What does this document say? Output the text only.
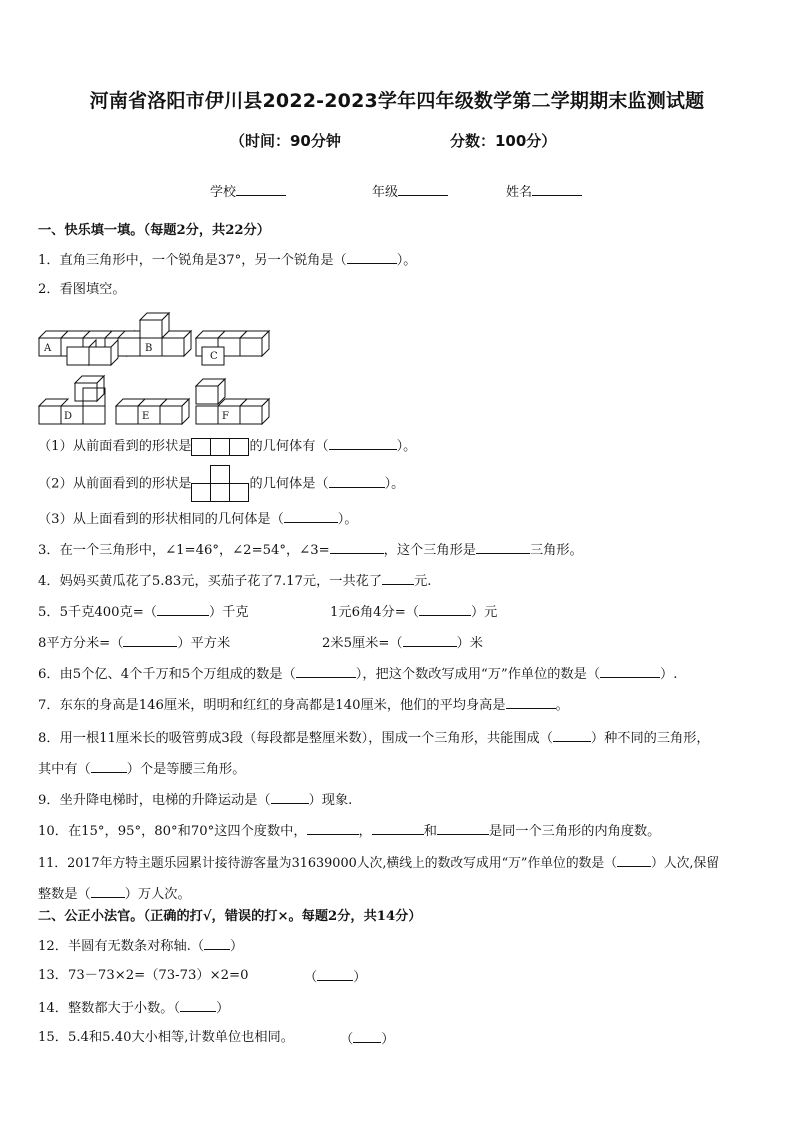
河南省洛阳市伊川县2022-2023学年四年级数学第二学期期末监测试题
（时间：90分钟	分数：100分）
学校	年级	姓名
一、快乐填一填。（每题2分，共22分）
1．直角三角形中，一个锐角是37°，另一个锐角是（	）。
2．看图填空。
A	B
C
D	E	F
（1）从前面看到的形状是	的几何体有（	）。
（2）从前面看到的形状是	的几何体是（	）。
（3）从上面看到的形状相同的几何体是（	）。
3．在一个三角形中，∠1=46°，∠2=54°，∠3=	，这个三角形是	三角形。
4．妈妈买黄瓜花了5.83元，买茄子花了7.17元，一共花了 元.
5．5千克400克=（	）千克	1元6角4分=（	）元
8平方分米=（	）平方米	2米5厘米=（	）米
6．由5个亿、4个千万和5个万组成的数是（	），把这个数改写成用“万”作单位的数是（	）.
7．东东的身高是146厘米，明明和红红的身高都是140厘米，他们的平均身高是	。
8．用一根11厘米长的吸管剪成3段（每段都是整厘米数），围成一个三角形，共能围成（	）种不同的三角形，
其中有（	）个是等腰三角形。
9．坐升降电梯时，电梯的升降运动是（	）现象.
10．在15°，95°，80°和70°这四个度数中，	，	和	是同一个三角形的内角度数。
11．2017年方特主题乐园累计接待游客量为31639000人次,横线上的数改写成用“万”作单位的数是（	）人次,保留
整数是（	）万人次。
二、公正小法官。（正确的打√，错误的打×。每题2分，共14分）
12．半圆有无数条对称轴.（ ）
13．73－73×2=（73-73）×2=0	（	）
14．整数都大于小数。（	）
15．5.4和5.40大小相等,计数单位也相同。	（ ）
